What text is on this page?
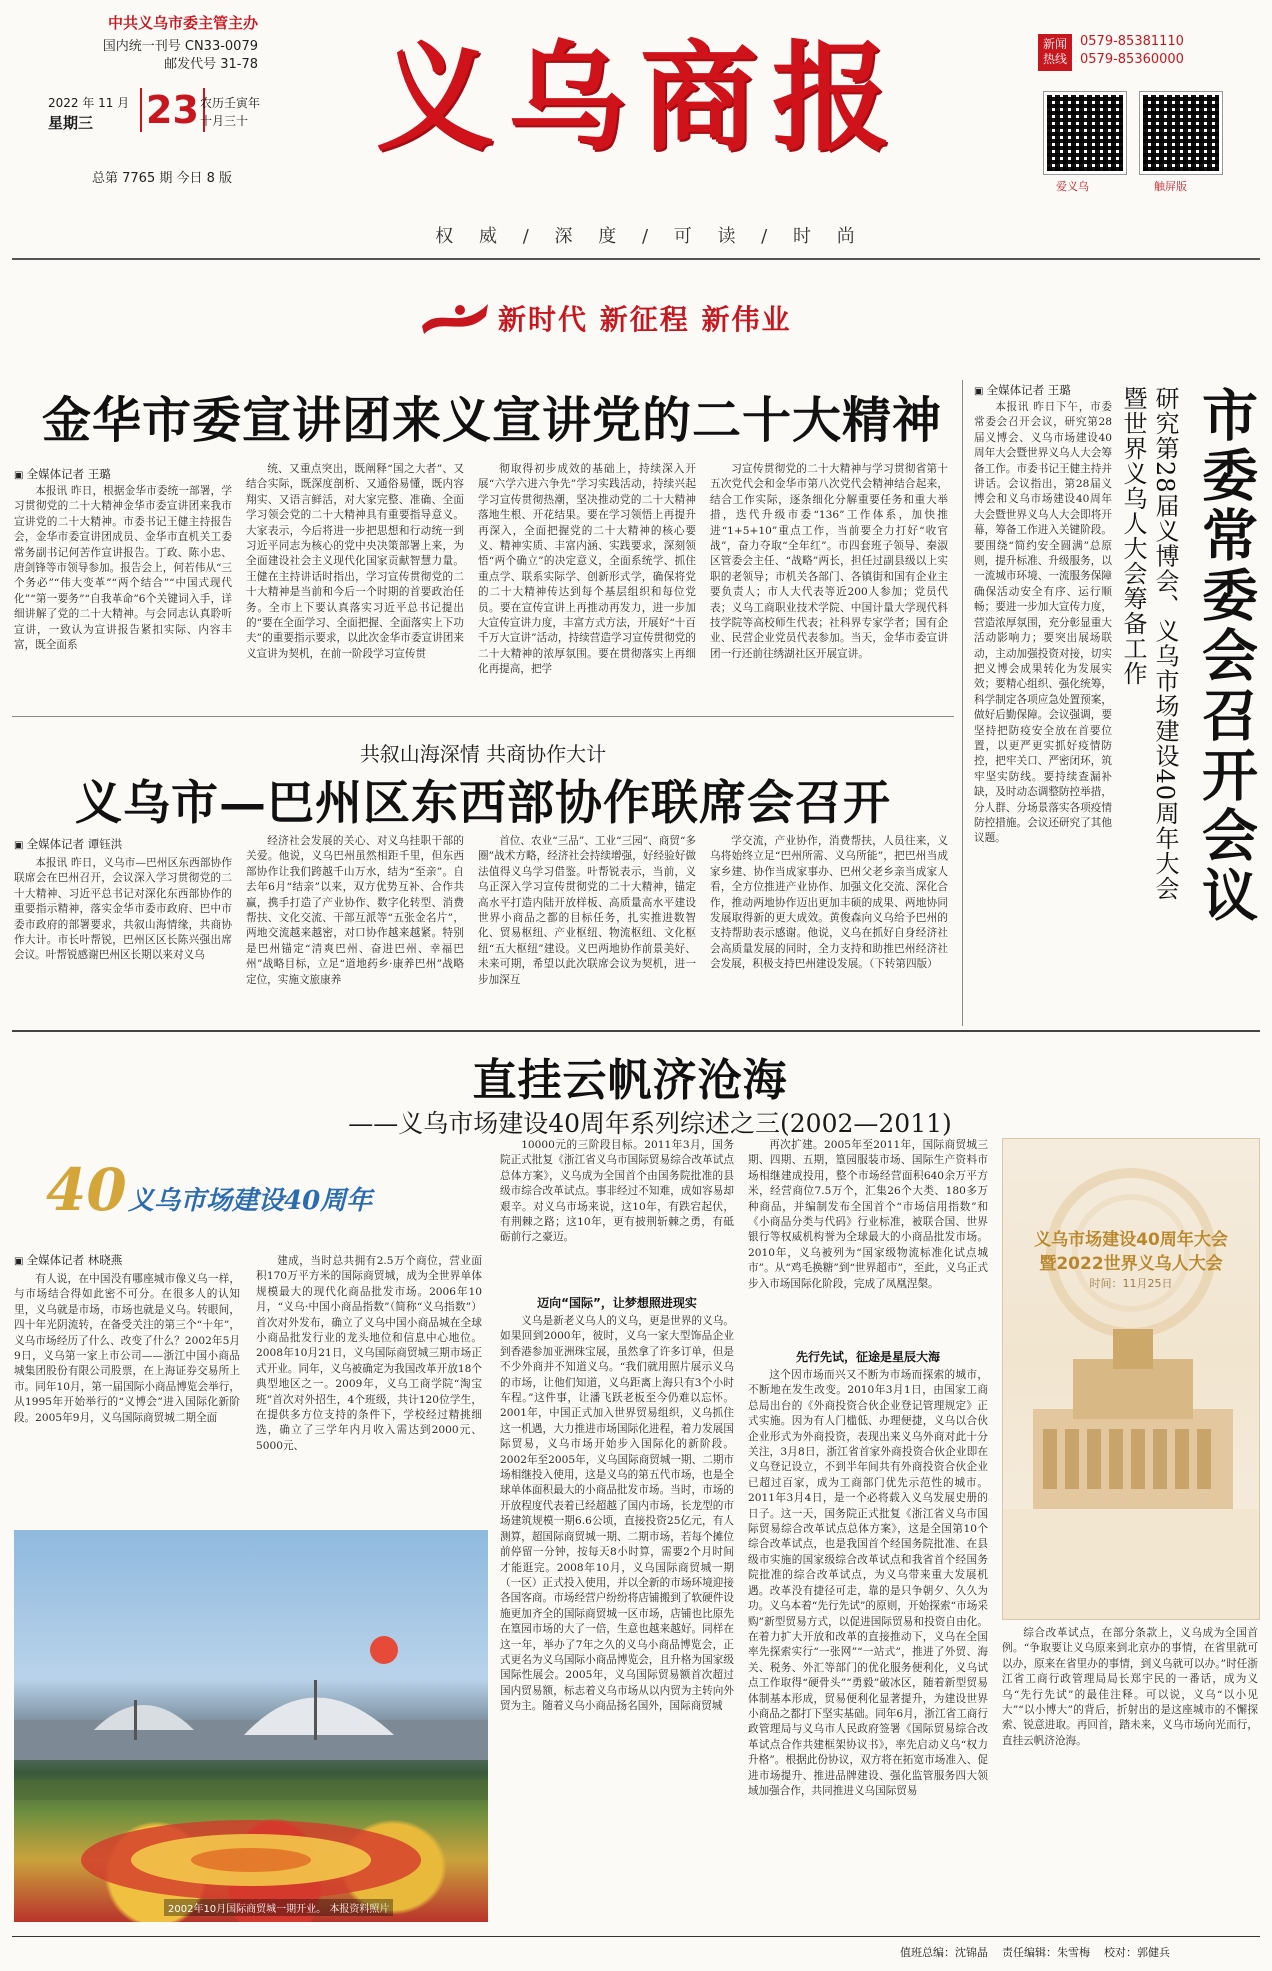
中共义乌市委主管主办
国内统一刊号 CN33-0079
邮发代号 31-78
2022 年 11 月
星期三 23 农历壬寅年
十月三十
总第 7765 期 今日 8 版
义乌商报
权 威 / 深 度 / 可 读 / 时 尚
新闻
热线
0579-85381110
0579-85360000
爱义乌	触屏版
新时代 新征程 新伟业
金华市委宣讲团来义宣讲党的二十大精神
▣ 全媒体记者 王璐

本报讯 昨日，根据金华市委统一部署，学习贯彻党的二十大精神金华市委宣讲团来我市宣讲党的二十大精神。市委书记王健主持报告会，金华市委宣讲团成员、金华市直机关工委常务副书记何苦作宣讲报告。丁政、陈小忠、唐剑锋等市领导参加。报告会上，何若伟从“三个务必”“伟大变革”“两个结合”“中国式现代化”“第一要务”“自我革命”6个关键词入手，详细讲解了党的二十大精神。与会同志认真聆听宣讲，一致认为宣讲报告紧扣实际、内容丰富，既全面系

统、又重点突出，既阐释“国之大者”、又结合实际，既深度剖析、又通俗易懂，既内容翔实、又语言鲜活，对大家完整、准确、全面学习领会党的二十大精神具有重要指导意义。大家表示，今后将进一步把思想和行动统一到习近平同志为核心的党中央决策部署上来，为全面建设社会主义现代化国家贡献智慧力量。王健在主持讲话时指出，学习宣传贯彻党的二十大精神是当前和今后一个时期的首要政治任务。全市上下要认真落实习近平总书记提出的“要在全面学习、全面把握、全面落实上下功夫”的重要指示要求，以此次金华市委宣讲团来义宣讲为契机，在前一阶段学习宣传贯

彻取得初步成效的基础上，持续深入开展“六学六进六争先”学习实践活动，持续兴起学习宣传贯彻热潮，坚决推动党的二十大精神落地生根、开花结果。要在学习领悟上再提升再深入，全面把握党的二十大精神的核心要义、精神实质、丰富内涵、实践要求，深刻领悟“两个确立”的决定意义，全面系统学、抓住重点学、联系实际学、创新形式学，确保将党的二十大精神传达到每个基层组织和每位党员。要在宣传宣讲上再推动再发力，进一步加大宣传宣讲力度，丰富方式方法，开展好“十百千万大宣讲”活动，持续营造学习宣传贯彻党的二十大精神的浓厚氛围。要在贯彻落实上再细化再提高，把学

习宣传贯彻党的二十大精神与学习贯彻省第十五次党代会和金华市第八次党代会精神结合起来，结合工作实际，逐条细化分解重要任务和重大举措，迭代升级市委“136”工作体系，加快推进“1+5+10”重点工作，当前要全力打好“收官战”，奋力夺取“全年红”。市四套班子领导、秦淑区管委会主任、“战略”两长，担任过副县级以上实职的老领导；市机关各部门、各镇街和国有企业主要负责人；市人大代表等近200人参加；党员代表；义乌工商职业技术学院、中国计量大学现代科技学院等高校师生代表；社科界专家学者；国有企业、民营企业党员代表参加。当天，金华市委宣讲团一行还前往绣湖社区开展宣讲。	市委常委会召开会议
研究第28届义博会、义乌市场建设40周年大会
暨世界义乌人大会筹备工作
▣ 全媒体记者 王璐

本报讯 昨日下午，市委常委会召开会议，研究第28届义博会、义乌市场建设40周年大会暨世界义乌人大会筹备工作。市委书记王健主持并讲话。会议指出，第28届义博会和义乌市场建设40周年大会暨世界义乌人大会即将开幕，筹备工作进入关键阶段。要围绕“简约安全圆满”总原则，提升标准、升级服务，以一流城市环境、一流服务保障确保活动安全有序、运行顺畅；要进一步加大宣传力度，营造浓厚氛围，充分彰显重大活动影响力；要突出展场联动，主动加强投资对接，切实把义博会成果转化为发展实效；要精心组织、强化统筹，科学制定各项应急处置预案，做好后勤保障。会议强调，要坚持把防疫安全放在首要位置，以更严更实抓好疫情防控，把牢关口、严密闭环，筑牢坚实防线。要持续查漏补缺，及时动态调整防控举措，分人群、分场景落实各项疫情防控措施。会议还研究了其他议题。

共叙山海深情 共商协作大计
义乌市—巴州区东西部协作联席会召开
▣ 全媒体记者 谭钰洪

本报讯 昨日，义乌市—巴州区东西部协作联席会在巴州召开，会议深入学习贯彻党的二十大精神、习近平总书记对深化东西部协作的重要指示精神，落实金华市委市政府、巴中市委市政府的部署要求，共叙山海情缘，共商协作大计。市长叶帮锐，巴州区区长陈兴强出席会议。叶帮锐感谢巴州区长期以来对义乌

经济社会发展的关心、对义乌挂职干部的关爱。他说，义乌巴州虽然相距千里，但东西部协作让我们跨越千山万水，结为“至亲”。自去年6月“结亲”以来，双方优势互补、合作共赢，携手打造了产业协作、数字化转型、消费帮扶、文化交流、干部互派等“五张金名片”，两地交流越来越密，对口协作越来越紧。特别是巴州锚定“清爽巴州、奋进巴州、幸福巴州”战略目标，立足“道地药乡·康养巴州”战略定位，实施文旅康养

首位、农业“三品”、工业“三园”、商贸“多圈”战术方略，经济社会持续增强，好经验好做法值得义乌学习借鉴。叶帮锐表示，当前，义乌正深入学习宣传贯彻党的二十大精神，锚定高水平打造内陆开放样板、高质量高水平建设世界小商品之都的目标任务，扎实推进数智化、贸易枢纽、产业枢纽、物流枢纽、文化枢纽“五大枢纽”建设。义巴两地协作前景美好、未来可期，希望以此次联席会议为契机，进一步加深互

学交流，产业协作，消费帮扶，人员往来，义乌将始终立足“巴州所需、义乌所能”，把巴州当成家乡建、协作当成家事办、巴州父老乡亲当成家人看，全方位推进产业协作、加强文化交流、深化合作，推动两地协作迈出更加丰硕的成果、两地协同发展取得新的更大成效。黄俊森向义乌给予巴州的支持帮助表示感谢。他说，义乌在抓好自身经济社会高质量发展的同时，全力支持和助推巴州经济社会发展，积极支持巴州建设发展。（下转第四版）

直挂云帆济沧海
——义乌市场建设40周年系列综述之三(2002—2011)
40 义乌市场建设40周年
▣ 全媒体记者 林晓燕

有人说，在中国没有哪座城市像义乌一样，与市场结合得如此密不可分。在很多人的认知里，义乌就是市场，市场也就是义乌。转眼间，四十年光阴流转，在备受关注的第三个“十年”，义乌市场经历了什么、改变了什么？2002年5月9日，义乌第一家上市公司——浙江中国小商品城集团股份有限公司股票，在上海证券交易所上市。同年10月，第一届国际小商品博览会举行，从1995年开始举行的“义博会”进入国际化新阶段。2005年9月，义乌国际商贸城二期全面

建成，当时总共拥有2.5万个商位，营业面积170万平方米的国际商贸城，成为全世界单体规模最大的现代化商品批发市场。2006年10月，“义乌·中国小商品指数”（简称“义乌指数”）首次对外发布，确立了义乌中国小商品城在全球小商品批发行业的龙头地位和信息中心地位。2008年10月21日，义乌国际商贸城三期市场正式开业。同年，义乌被确定为我国改革开放18个典型地区之一。2009年，义乌工商学院“淘宝班”首次对外招生，4个班级，共计120位学生，在提供多方位支持的条件下，学校经过精挑细选，确立了三学年内月收入需达到2000元、5000元、

10000元的三阶段目标。2011年3月，国务院正式批复《浙江省义乌市国际贸易综合改革试点总体方案》，义乌成为全国首个由国务院批准的县级市综合改革试点。事非经过不知难，成如容易却艰辛。对义乌市场来说，这10年，有跌宕起伏，有荆棘之路；这10年，更有披荆斩棘之勇，有砥砺前行之豪迈。

迈向“国际”，让梦想照进现实

义乌是新老义乌人的义乌，更是世界的义乌。如果回到2000年，彼时，义乌一家大型饰品企业到香港参加亚洲珠宝展，虽然拿了许多订单，但是不少外商并不知道义乌。“我们就用照片展示义乌的市场，让他们知道，义乌距离上海只有3个小时车程。”这件事，让潘飞跃老板至今仍难以忘怀。2001年，中国正式加入世界贸易组织，义乌抓住这一机遇，大力推进市场国际化进程，着力发展国际贸易，义乌市场开始步入国际化的新阶段。2002年至2005年，义乌国际商贸城一期、二期市场相继投入使用，这是义乌的第五代市场，也是全球单体面积最大的小商品批发市场。当时，市场的开放程度代表着已经超越了国内市场，长龙型的市场建筑规模一期6.6公顷，直接投资25亿元，有人测算，超国际商贸城一期、二期市场，若每个摊位前停留一分钟，按每天8小时算，需要2个月时间才能逛完。2008年10月，义乌国际商贸城一期（一区）正式投入使用，并以全新的市场环境迎接各国客商。市场经营户纷纷将店铺搬到了软硬件设施更加齐全的国际商贸城一区市场，店铺也比原先在篁园市场的大了一倍，生意也越来越好。同样在这一年，举办了7年之久的义乌小商品博览会，正式更名为义乌国际小商品博览会，且升格为国家级国际性展会。2005年，义乌国际贸易额首次超过国内贸易额，标志着义乌市场从以内贸为主转向外贸为主。随着义乌小商品扬名国外，国际商贸城

再次扩建。2005年至2011年，国际商贸城三期、四期、五期，篁园服装市场、国际生产资料市场相继建成投用，整个市场经营面积640余万平方米，经营商位7.5万个，汇集26个大类、180多万种商品，并编制发布全国首个“市场信用指数”和《小商品分类与代码》行业标准，被联合国、世界银行等权威机构誉为全球最大的小商品批发市场。2010年，义乌被列为“国家级物流标准化试点城市”。从“鸡毛换糖”到“世界超市”，至此，义乌正式步入市场国际化阶段，完成了凤凰涅槃。

先行先试，征途是星辰大海

这个因市场而兴又不断为市场而探索的城市，不断地在发生改变。2010年3月1日，由国家工商总局出台的《外商投资合伙企业登记管理规定》正式实施。因为有人门槛低、办理便捷，义乌以合伙企业形式为外商投资，表现出来义乌外商对此十分关注，3月8日，浙江省首家外商投资合伙企业即在义乌登记设立，不到半年间共有外商投资合伙企业已超过百家，成为工商部门优先示范性的城市。2011年3月4日，是一个必将载入义乌发展史册的日子。这一天，国务院正式批复《浙江省义乌市国际贸易综合改革试点总体方案》，这是全国第10个综合改革试点，也是我国首个经国务院批准、在县级市实施的国家级综合改革试点和我省首个经国务院批准的综合改革试点，为义乌带来重大发展机遇。改革没有捷径可走，靠的是只争朝夕、久久为功。义乌本着“先行先试”的原则，开始探索“市场采购”新型贸易方式，以促进国际贸易和投资自由化。在着力扩大开放和改革的直接推动下，义乌在全国率先探索实行“一张网”“一站式”，推进了外贸、海关、税务、外汇等部门的优化服务便利化，义乌试点工作取得“硬骨头”“勇毅”破冰区，随着新型贸易体制基本形成，贸易便利化显著提升，为建设世界小商品之都打下坚实基础。同年6月，浙江省工商行政管理局与义乌市人民政府签署《国际贸易综合改革试点合作共建框架协议书》，率先启动义乌“权力升格”。根据此份协议，双方将在拓宽市场准入、促进市场提升、推进品牌建设、强化监管服务四大领域加强合作，共同推进义乌国际贸易

义乌市场建设40周年大会
暨2022世界义乌人大会
时间：11月25日

综合改革试点，在部分条款上，义乌成为全国首例。“争取要让义乌原来到北京办的事情，在省里就可以办，原来在省里办的事情，到义乌就可以办。”时任浙江省工商行政管理局局长郑宇民的一番话，成为义乌“先行先试”的最佳注释。可以说，义乌“以小见大”“以小博大”的背后，折射出的是这座城市的不懈探索、锐意进取。再回首，踏未来，义乌市场向光而行，直挂云帆济沧海。

2002年10月国际商贸城一期开业。 本报资料照片
值班总编：沈锦晶 责任编辑：朱雪梅 校对：郭健兵
